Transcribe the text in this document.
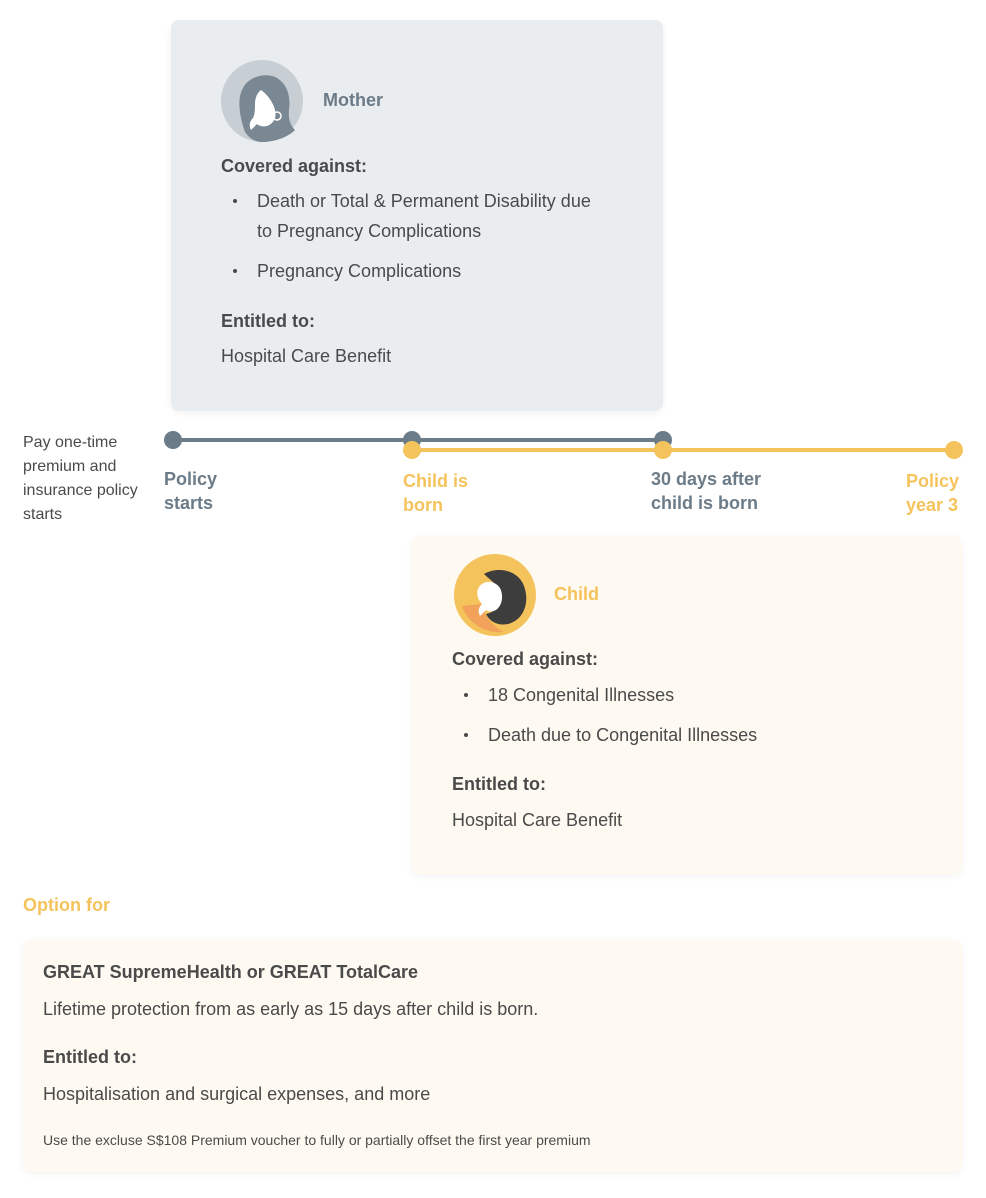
Mother
Covered against:
Death or Total & Permanent Disability due to Pregnancy Complications
Pregnancy Complications
Entitled to:
Hospital Care Benefit
Pay one-time premium and insurance policy starts
Policy
starts
Child is
born
30 days after
child is born
Policy
year 3
Child
Covered against:
18 Congenital Illnesses
Death due to Congenital Illnesses
Entitled to:
Hospital Care Benefit
Option for
GREAT SupremeHealth or GREAT TotalCare
Lifetime protection from as early as 15 days after child is born.
Entitled to:
Hospitalisation and surgical expenses, and more
Use the excluse S$108 Premium voucher to fully or partially offset the first year premium
